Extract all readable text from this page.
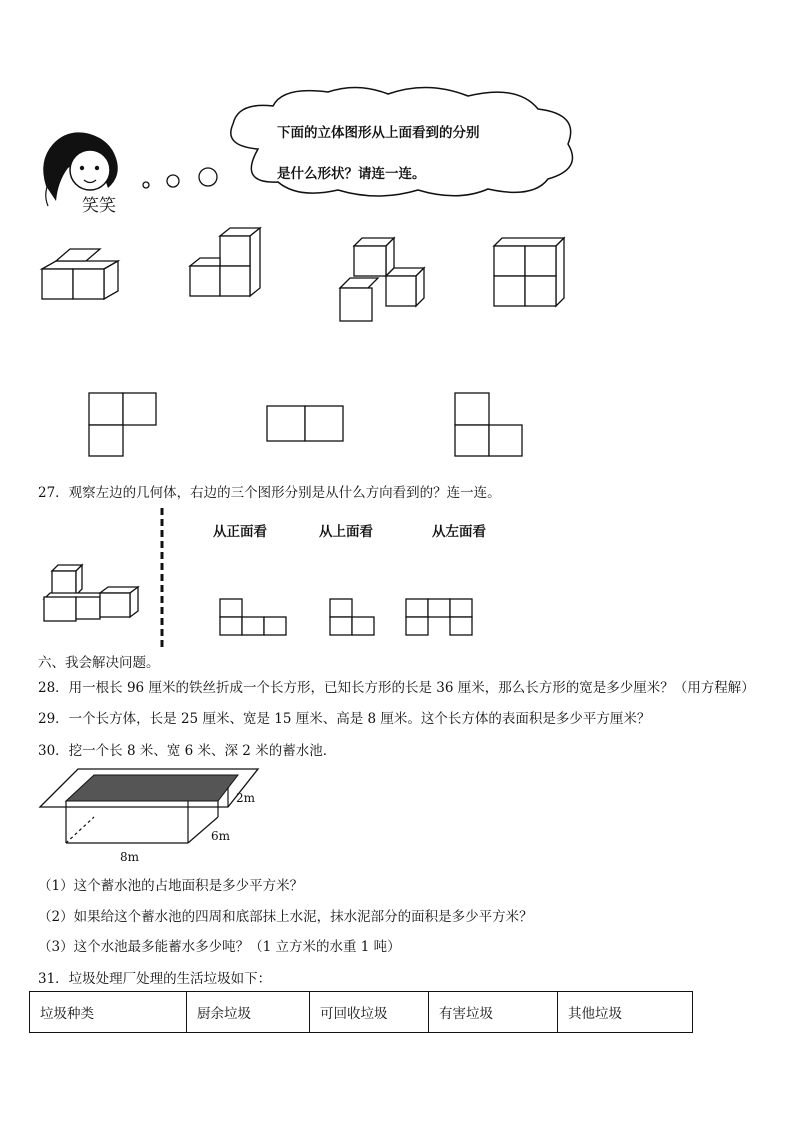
笑笑
下面的立体图形从上面看到的分别
是什么形状？请连一连。
27．观察左边的几何体，右边的三个图形分别是从什么方向看到的？连一连。
从正面看	从上面看	从左面看
六、我会解决问题。
28．用一根长 96 厘米的铁丝折成一个长方形，已知长方形的长是 36 厘米，那么长方形的宽是多少厘米？（用方程解）
29．一个长方体，长是 25 厘米、宽是 15 厘米、高是 8 厘米。这个长方体的表面积是多少平方厘米？
30．挖一个长 8 米、宽 6 米、深 2 米的蓄水池．
2m
6m
8m
（1）这个蓄水池的占地面积是多少平方米？
（2）如果给这个蓄水池的四周和底部抹上水泥，抹水泥部分的面积是多少平方米？
（3）这个水池最多能蓄水多少吨？（1 立方米的水重 1 吨）
31．垃圾处理厂处理的生活垃圾如下：
垃圾种类	厨余垃圾	可回收垃圾	有害垃圾	其他垃圾
